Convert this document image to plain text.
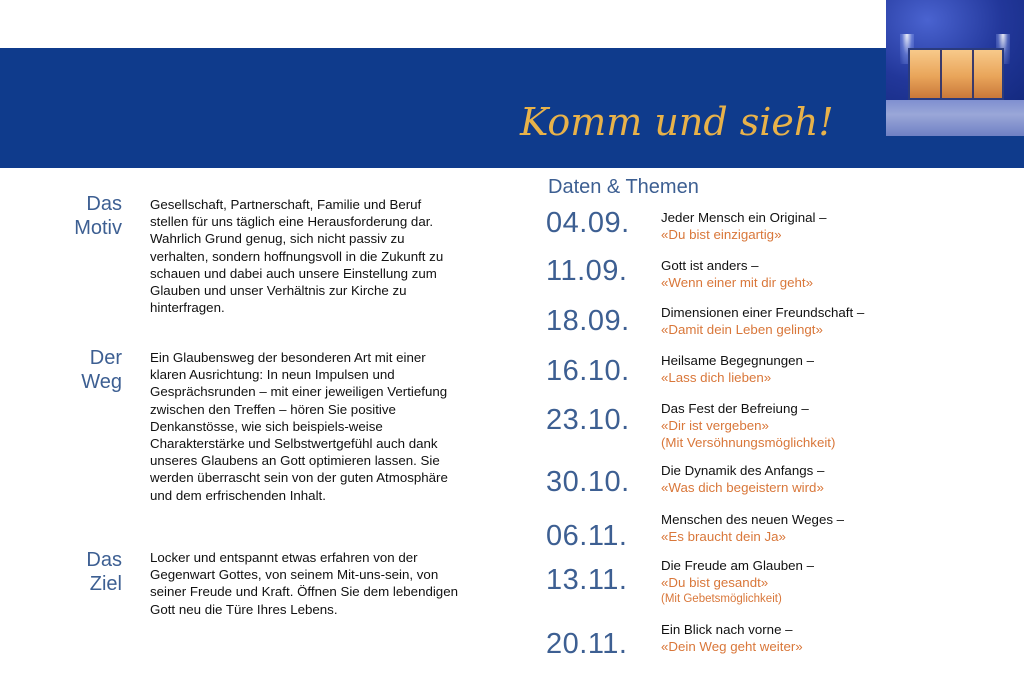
Komm und sieh!
Das
Motiv
Gesellschaft, Partnerschaft, Familie und Beruf stellen für uns täglich eine Herausforderung dar. Wahrlich Grund genug, sich nicht passiv zu verhalten, sondern hoffnungsvoll in die Zukunft zu schauen und dabei auch unsere Einstellung zum Glauben und unser Verhältnis zur Kirche zu hinterfragen.
Der
Weg
Ein Glaubensweg der besonderen Art mit einer klaren Ausrichtung: In neun Impulsen und Gesprächsrunden – mit einer jeweiligen Vertiefung zwischen den Treffen – hören Sie positive Denkanstösse, wie sich beispiels-weise Charakterstärke und Selbstwertgefühl auch dank unseres Glaubens an Gott optimieren lassen. Sie werden überrascht sein von der guten Atmosphäre und dem erfrischenden Inhalt.
Das
Ziel
Locker und entspannt etwas erfahren von der Gegenwart Gottes, von seinem Mit-uns-sein, von seiner Freude und Kraft. Öffnen Sie dem lebendigen Gott neu die Türe Ihres Lebens.
Daten & Themen
04.09. Jeder Mensch ein Original –
«Du bist einzigartig»
11.09.	Gott ist anders –
«Wenn einer mit dir geht»
18.09. Dimensionen einer Freundschaft –
«Damit dein Leben gelingt»
16.10. Heilsame Begegnungen –
«Lass dich lieben»
23.10. Das Fest der Befreiung –
«Dir ist vergeben»
(Mit Versöhnungsmöglichkeit)
30.10. Die Dynamik des Anfangs –
«Was dich begeistern wird»
06.11.
Menschen des neuen Weges –
«Es braucht dein Ja»
13.11.	Die Freude am Glauben –
«Du bist gesandt»
(Mit Gebetsmöglichkeit)
20.11.	Ein Blick nach vorne –
«Dein Weg geht weiter»
